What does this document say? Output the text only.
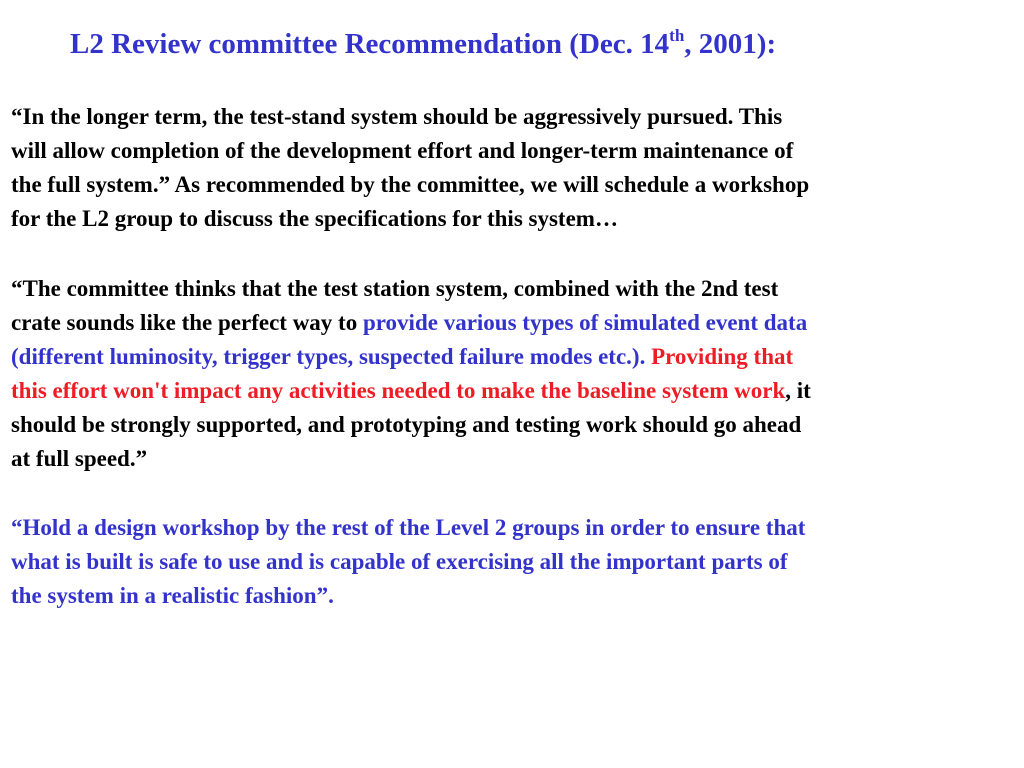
L2 Review committee Recommendation (Dec. 14th, 2001):
“In the longer term, the test-stand system should be aggressively pursued. This
will allow completion of the development effort and longer-term maintenance of
the full system.” As recommended by the committee, we will schedule a workshop
for the L2 group to discuss the specifications for this system…
“The committee thinks that the test station system, combined with the 2nd test
crate sounds like the perfect way to provide various types of simulated event data
(different luminosity, trigger types, suspected failure modes etc.). Providing that
this effort won't impact any activities needed to make the baseline system work, it
should be strongly supported, and prototyping and testing work should go ahead
at full speed.”
“Hold a design workshop by the rest of the Level 2 groups in order to ensure that
what is built is safe to use and is capable of exercising all the important parts of
the system in a realistic fashion”.
